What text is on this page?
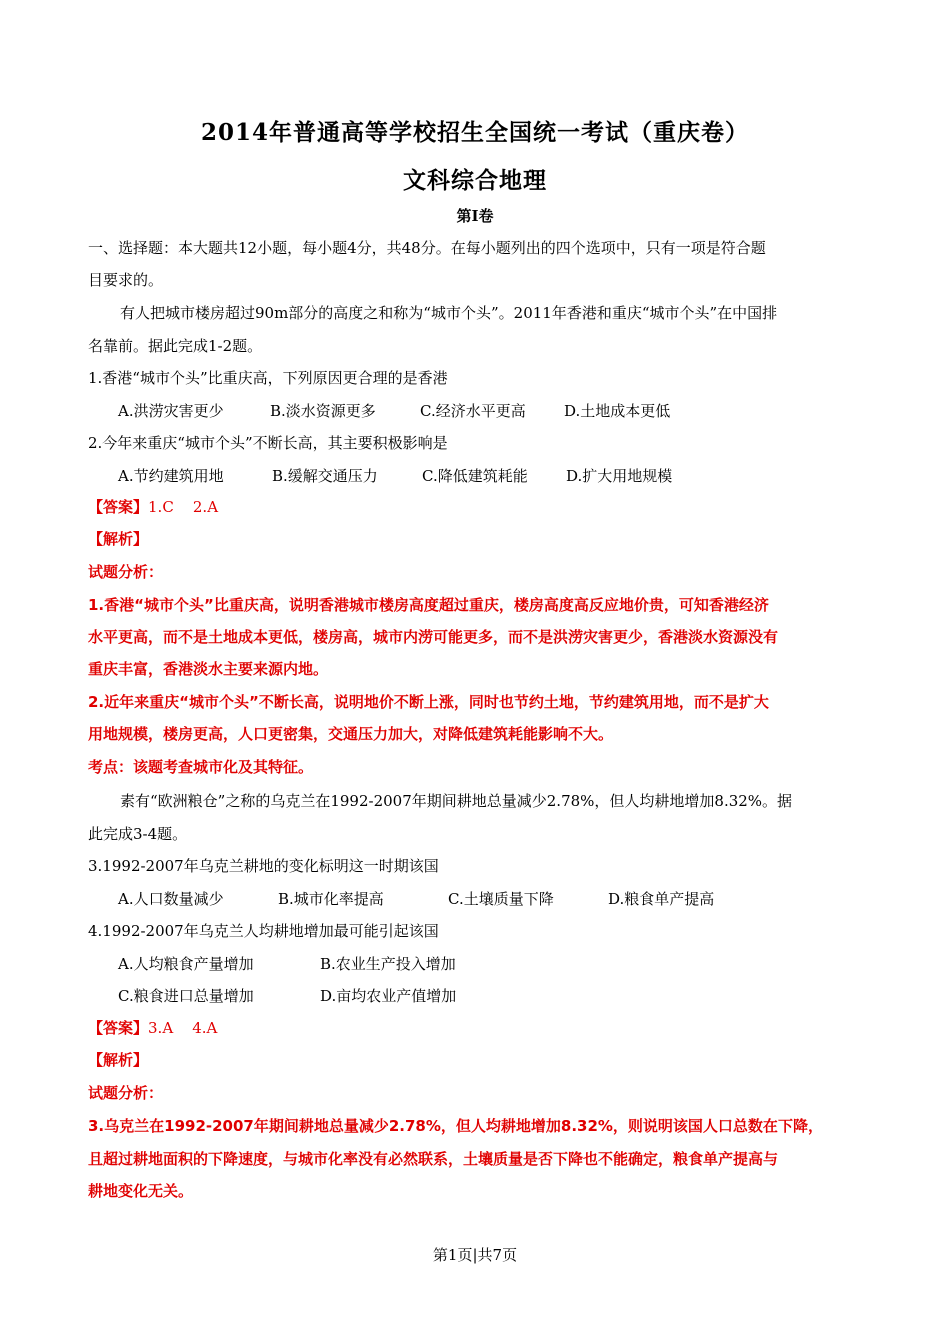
2014年普通高等学校招生全国统一考试（重庆卷）
文科综合地理
第I卷
一、选择题：本大题共12小题，每小题4分，共48分。在每小题列出的四个选项中，只有一项是符合题
目要求的。
有人把城市楼房超过90m部分的高度之和称为“城市个头”。2011年香港和重庆“城市个头”在中国排
名靠前。据此完成1-2题。
1.香港“城市个头”比重庆高，下列原因更合理的是香港
A.洪涝灾害更少	B.淡水资源更多	C.经济水平更高	D.土地成本更低
2.今年来重庆“城市个头”不断长高，其主要积极影响是
A.节约建筑用地	B.缓解交通压力	C.降低建筑耗能	D.扩大用地规模
【答案】1.C    2.A
【解析】
试题分析：
1.香港“城市个头”比重庆高，说明香港城市楼房高度超过重庆，楼房高度高反应地价贵，可知香港经济
水平更高，而不是土地成本更低，楼房高，城市内涝可能更多，而不是洪涝灾害更少，香港淡水资源没有
重庆丰富，香港淡水主要来源内地。
2.近年来重庆“城市个头”不断长高，说明地价不断上涨，同时也节约土地，节约建筑用地，而不是扩大
用地规模，楼房更高，人口更密集，交通压力加大，对降低建筑耗能影响不大。
考点：该题考查城市化及其特征。
素有“欧洲粮仓”之称的乌克兰在1992-2007年期间耕地总量减少2.78%，但人均耕地增加8.32%。据
此完成3-4题。
3.1992-2007年乌克兰耕地的变化标明这一时期该国
A.人口数量减少	B.城市化率提高	C.土壤质量下降	D.粮食单产提高
4.1992-2007年乌克兰人均耕地增加最可能引起该国
A.人均粮食产量增加	B.农业生产投入增加
C.粮食进口总量增加	D.亩均农业产值增加
【答案】3.A    4.A
【解析】
试题分析：
3.乌克兰在1992-2007年期间耕地总量减少2.78%，但人均耕地增加8.32%，则说明该国人口总数在下降，
且超过耕地面积的下降速度，与城市化率没有必然联系，土壤质量是否下降也不能确定，粮食单产提高与
耕地变化无关。
第1页|共7页
